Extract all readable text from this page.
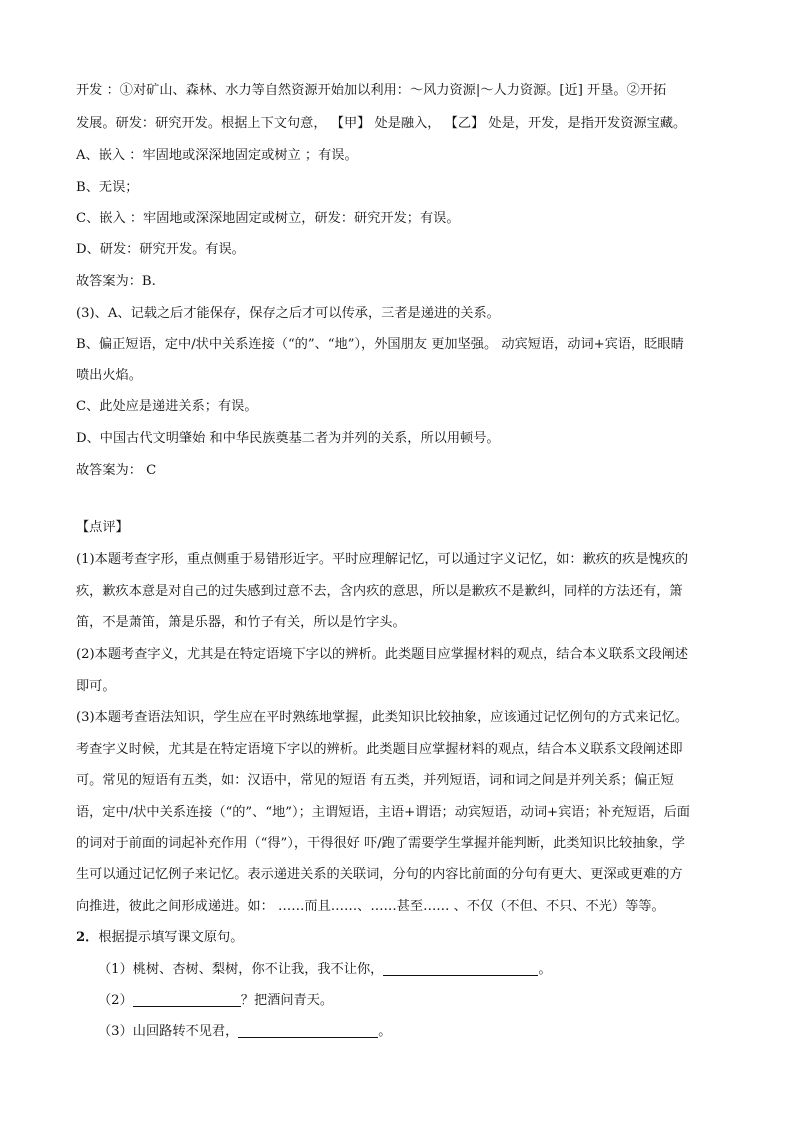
开发 ：①对矿山、森林、水力等自然资源开始加以利用：～风力资源|～人力资源。[近] 开垦。②开拓
发展。研发：研究开发。根据上下文句意， 【甲】 处是融入， 【乙】 处是，开发，是指开发资源宝藏。
A、嵌入 ：牢固地或深深地固定或树立 ；有误。
B、无误；
C、嵌入 ：牢固地或深深地固定或树立，研发：研究开发；有误。
D、研发：研究开发。有误。
故答案为：B.
(3)、A、记载之后才能保存，保存之后才可以传承，三者是递进的关系。
B、偏正短语，定中/状中关系连接（“的”、“地”），外国朋友 更加坚强。 动宾短语，动词+宾语，眨眼睛
喷出火焰。
C、此处应是递进关系；有误。
D、中国古代文明肇始 和中华民族奠基二者为并列的关系，所以用顿号。
故答案为： C
【点评】
(1)本题考查字形，重点侧重于易错形近字。平时应理解记忆，可以通过字义记忆，如：歉疚的疚是愧疚的
疚，歉疚本意是对自己的过失感到过意不去，含内疚的意思，所以是歉疚不是歉纠，同样的方法还有，箫
笛，不是萧笛，箫是乐器，和竹子有关，所以是竹字头。
(2)本题考查字义，尤其是在特定语境下字以的辨析。此类题目应掌握材料的观点，结合本义联系文段阐述
即可。
(3)本题考查语法知识，学生应在平时熟练地掌握，此类知识比较抽象，应该通过记忆例句的方式来记忆。
考查字义时候，尤其是在特定语境下字以的辨析。此类题目应掌握材料的观点，结合本义联系文段阐述即
可。常见的短语有五类，如：汉语中，常见的短语 有五类，并列短语，词和词之间是并列关系；偏正短
语，定中/状中关系连接（“的”、“地”）；主谓短语，主语+谓语；动宾短语，动词+宾语；补充短语，后面
的词对于前面的词起补充作用（“得”），干得很好 吓/跑了需要学生掌握并能判断，此类知识比较抽象，学
生可以通过记忆例子来记忆。表示递进关系的关联词，分句的内容比前面的分句有更大、更深或更难的方
向推进，彼此之间形成递进。如： ……而且……、……甚至…… 、不仅（不但、不只、不光）等等。
2．根据提示填写课文原句。
（1）桃树、杏树、梨树，你不让我，我不让你，	。
（2）	？把酒问青天。
（3）山回路转不见君，	。
